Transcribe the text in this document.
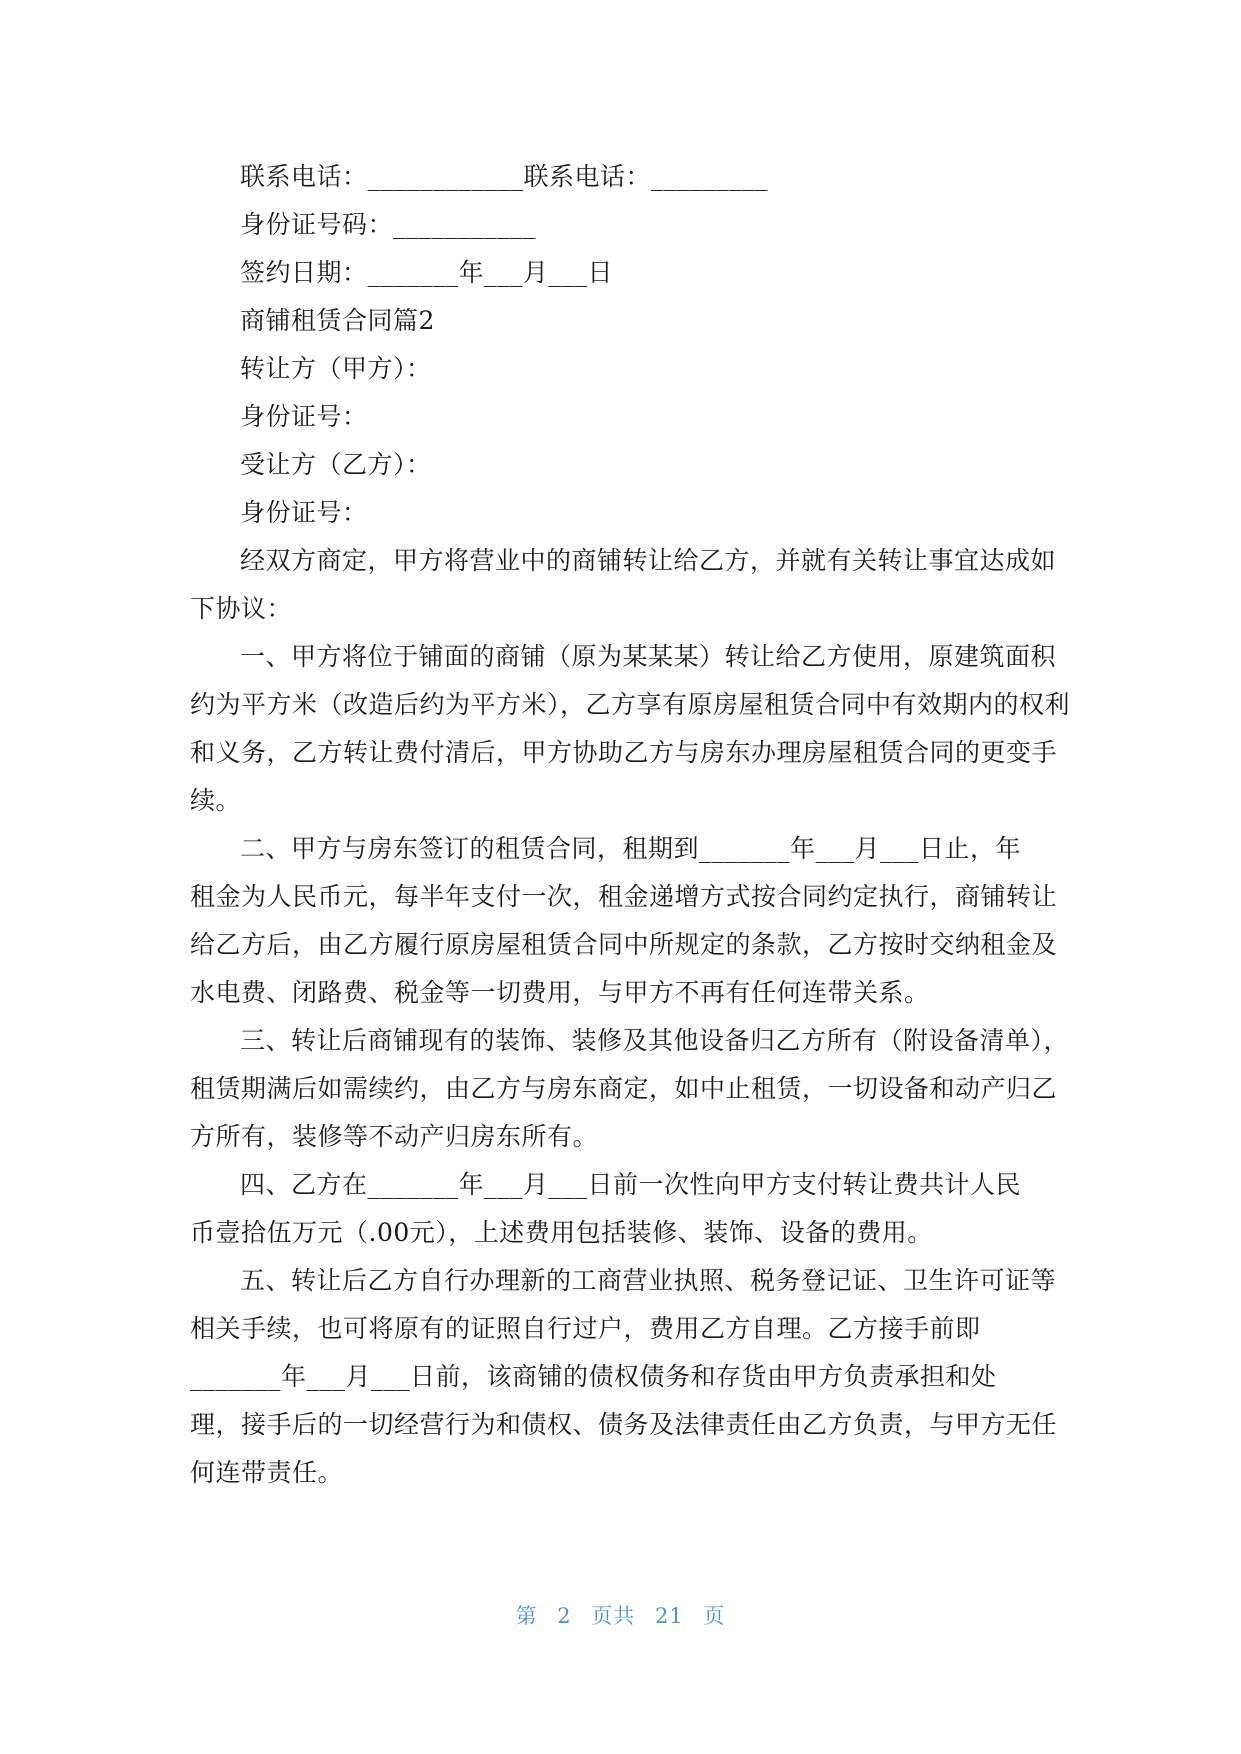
联系电话：____________联系电话：_________
身份证号码：___________
签约日期：_______年___月___日
商铺租赁合同篇2
转让方（甲方）：
身份证号：
受让方（乙方）：
身份证号：
经双方商定，甲方将营业中的商铺转让给乙方，并就有关转让事宜达成如
下协议：
一、甲方将位于铺面的商铺（原为某某某）转让给乙方使用，原建筑面积
约为平方米（改造后约为平方米），乙方享有原房屋租赁合同中有效期内的权利
和义务，乙方转让费付清后，甲方协助乙方与房东办理房屋租赁合同的更变手
续。
二、甲方与房东签订的租赁合同，租期到_______年___月___日止，年
租金为人民币元，每半年支付一次，租金递增方式按合同约定执行，商铺转让
给乙方后，由乙方履行原房屋租赁合同中所规定的条款，乙方按时交纳租金及
水电费、闭路费、税金等一切费用，与甲方不再有任何连带关系。
三、转让后商铺现有的装饰、装修及其他设备归乙方所有（附设备清单），
租赁期满后如需续约，由乙方与房东商定，如中止租赁，一切设备和动产归乙
方所有，装修等不动产归房东所有。
四、乙方在_______年___月___日前一次性向甲方支付转让费共计人民
币壹拾伍万元（.00元），上述费用包括装修、装饰、设备的费用。
五、转让后乙方自行办理新的工商营业执照、税务登记证、卫生许可证等
相关手续，也可将原有的证照自行过户，费用乙方自理。乙方接手前即
_______年___月___日前，该商铺的债权债务和存货由甲方负责承担和处
理，接手后的一切经营行为和债权、债务及法律责任由乙方负责，与甲方无任
何连带责任。
第 2 页共 21 页
